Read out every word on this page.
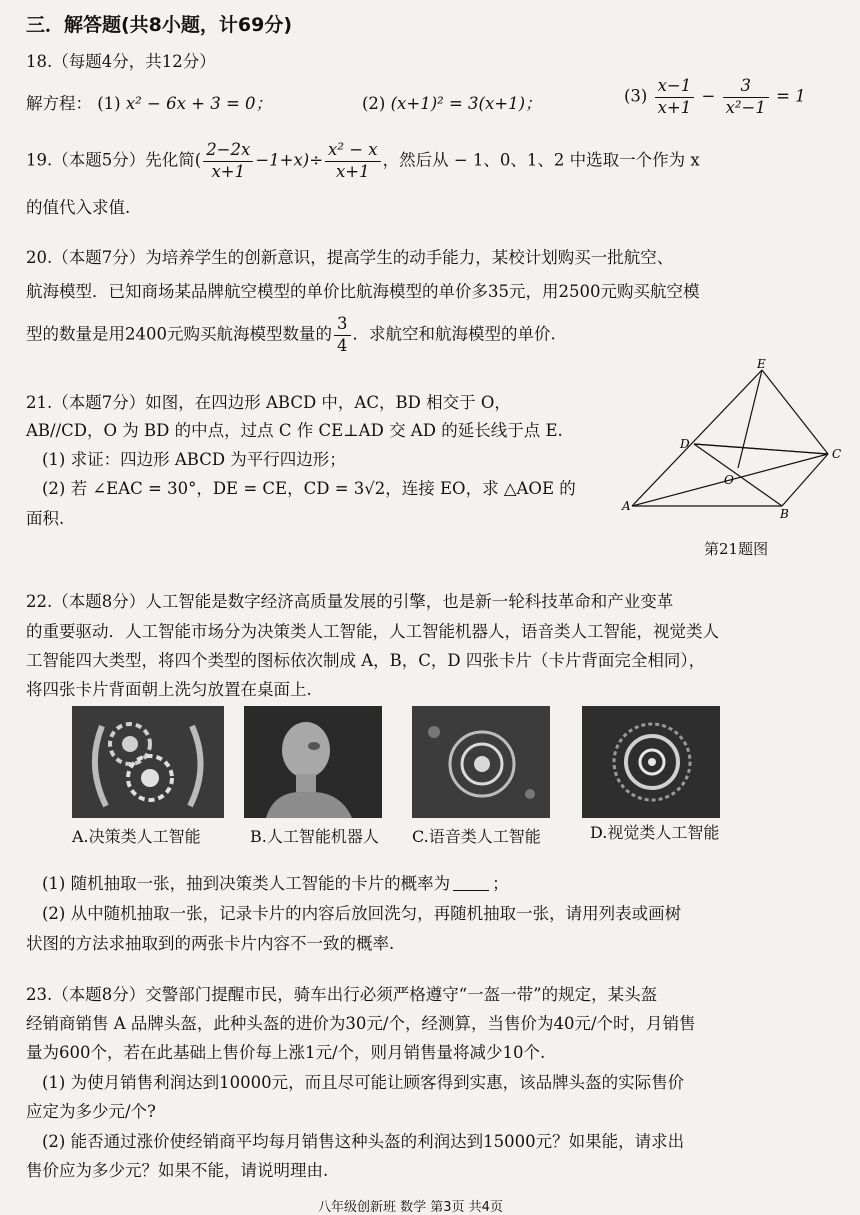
三．解答题(共8小题，计69分)
18.（每题4分，共12分）
解方程： (1) x² − 6x + 3 = 0；	(2) (x+1)² = 3(x+1)；	$(3) \frac{x-1}{x+1} - \frac{3}{\text{x²−1}} = 1$
19.（本题5分）先化简( $\frac{2-2x}{x+1} -1+x)\div \frac{\text{x² − x}}{x+1}$ ，然后从 − 1、0、1、2 中选取一个作为 x
的值代入求值.
20.（本题7分）为培养学生的创新意识，提高学生的动手能力，某校计划购买一批航空、
航海模型．已知商场某品牌航空模型的单价比航海模型的单价多35元，用2500元购买航空模
型的数量是用2400元购买航海模型数量的 $\frac{3}{4}$ ．求航空和航海模型的单价.
21.（本题7分）如图，在四边形 ABCD 中，AC，BD 相交于 O，
AB//CD，O 为 BD 的中点，过点 C 作 CE⊥AD 交 AD 的延长线于点 E.
(1) 求证：四边形 ABCD 为平行四边形；
(2) 若 ∠EAC = 30°，DE = CE，CD = 3√2，连接 EO，求 △AOE 的
面积.
E
D
C
O
A
B
第21题图
22.（本题8分）人工智能是数字经济高质量发展的引擎，也是新一轮科技革命和产业变革
的重要驱动．人工智能市场分为决策类人工智能，人工智能机器人，语音类人工智能，视觉类人
工智能四大类型，将四个类型的图标依次制成 A，B，C，D 四张卡片（卡片背面完全相同），
将四张卡片背面朝上洗匀放置在桌面上.
A.决策类人工智能	B.人工智能机器人 C.语音类人工智能	D.视觉类人工智能
(1) 随机抽取一张，抽到决策类人工智能的卡片的概率为	；
(2) 从中随机抽取一张，记录卡片的内容后放回洗匀，再随机抽取一张，请用列表或画树
状图的方法求抽取到的两张卡片内容不一致的概率.
23.（本题8分）交警部门提醒市民，骑车出行必须严格遵守“一盔一带”的规定，某头盔
经销商销售 A 品牌头盔，此种头盔的进价为30元/个，经测算，当售价为40元/个时，月销售
量为600个，若在此基础上售价每上涨1元/个，则月销售量将减少10个.
(1) 为使月销售利润达到10000元，而且尽可能让顾客得到实惠，该品牌头盔的实际售价
应定为多少元/个?
(2) 能否通过涨价使经销商平均每月销售这种头盔的利润达到15000元？如果能，请求出
售价应为多少元？如果不能，请说明理由.
八年级创新班 数学 第3页 共4页
